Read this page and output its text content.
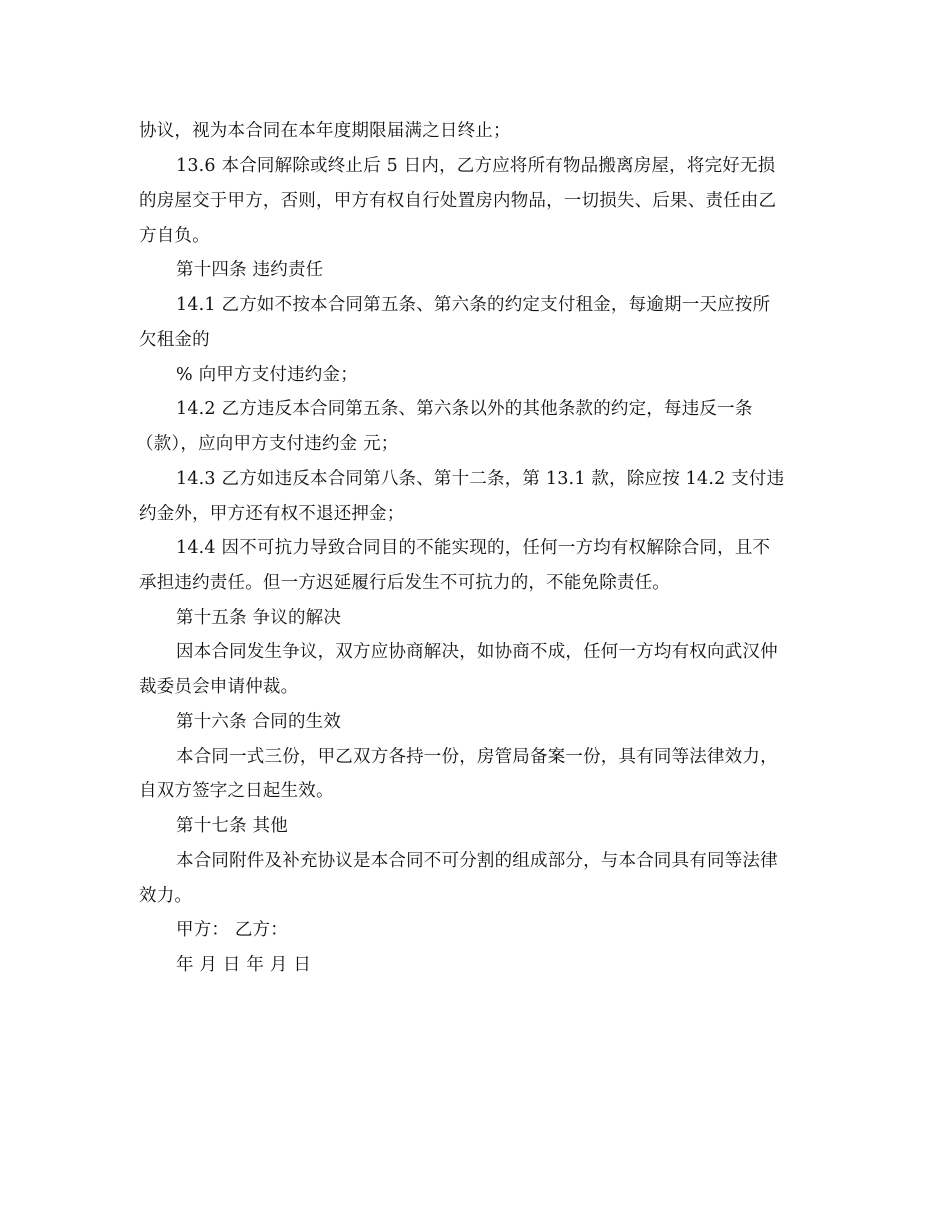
协议，视为本合同在本年度期限届满之日终止；
13.6 本合同解除或终止后 5 日内，乙方应将所有物品搬离房屋，将完好无损
的房屋交于甲方，否则，甲方有权自行处置房内物品，一切损失、后果、责任由乙
方自负。
第十四条 违约责任
14.1 乙方如不按本合同第五条、第六条的约定支付租金，每逾期一天应按所
欠租金的
% 向甲方支付违约金；
14.2 乙方违反本合同第五条、第六条以外的其他条款的约定，每违反一条
（款），应向甲方支付违约金 元；
14.3 乙方如违反本合同第八条、第十二条，第 13.1 款，除应按 14.2 支付违
约金外，甲方还有权不退还押金；
14.4 因不可抗力导致合同目的不能实现的，任何一方均有权解除合同，且不
承担违约责任。但一方迟延履行后发生不可抗力的，不能免除责任。
第十五条 争议的解决
因本合同发生争议，双方应协商解决，如协商不成，任何一方均有权向武汉仲
裁委员会申请仲裁。
第十六条 合同的生效
本合同一式三份，甲乙双方各持一份，房管局备案一份，具有同等法律效力，
自双方签字之日起生效。
第十七条 其他
本合同附件及补充协议是本合同不可分割的组成部分，与本合同具有同等法律
效力。
甲方： 乙方：
年 月 日 年 月 日
